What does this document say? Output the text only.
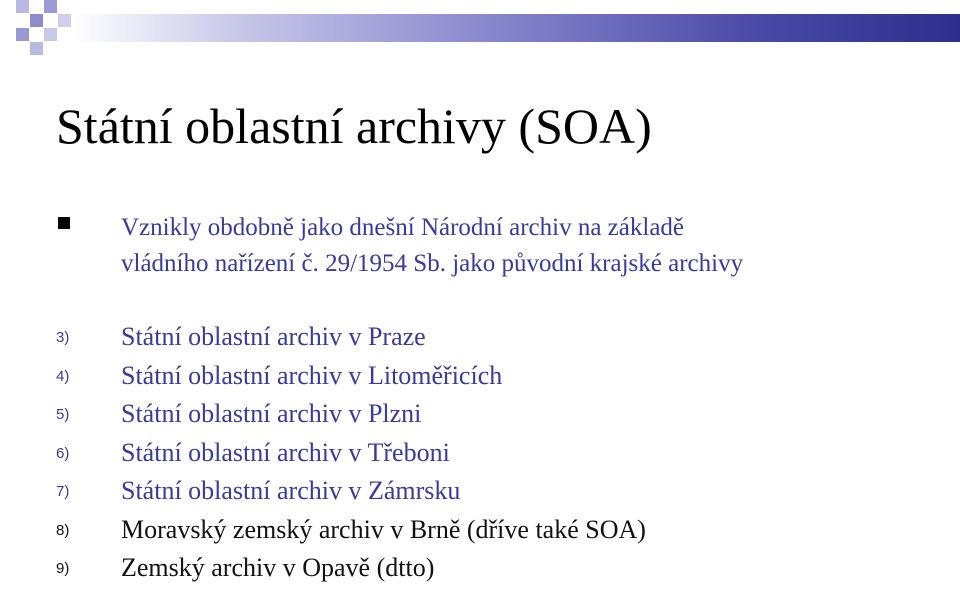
Státní oblastní archivy (SOA)
Vznikly obdobně jako dnešní Národní archiv na základě
vládního nařízení č. 29/1954 Sb. jako původní krajské archivy
3) Státní oblastní archiv v Praze
4) Státní oblastní archiv v Litoměřicích
5) Státní oblastní archiv v Plzni
6) Státní oblastní archiv v Třeboni
7) Státní oblastní archiv v Zámrsku
8) Moravský zemský archiv v Brně (dříve také SOA)
9) Zemský archiv v Opavě (dtto)
